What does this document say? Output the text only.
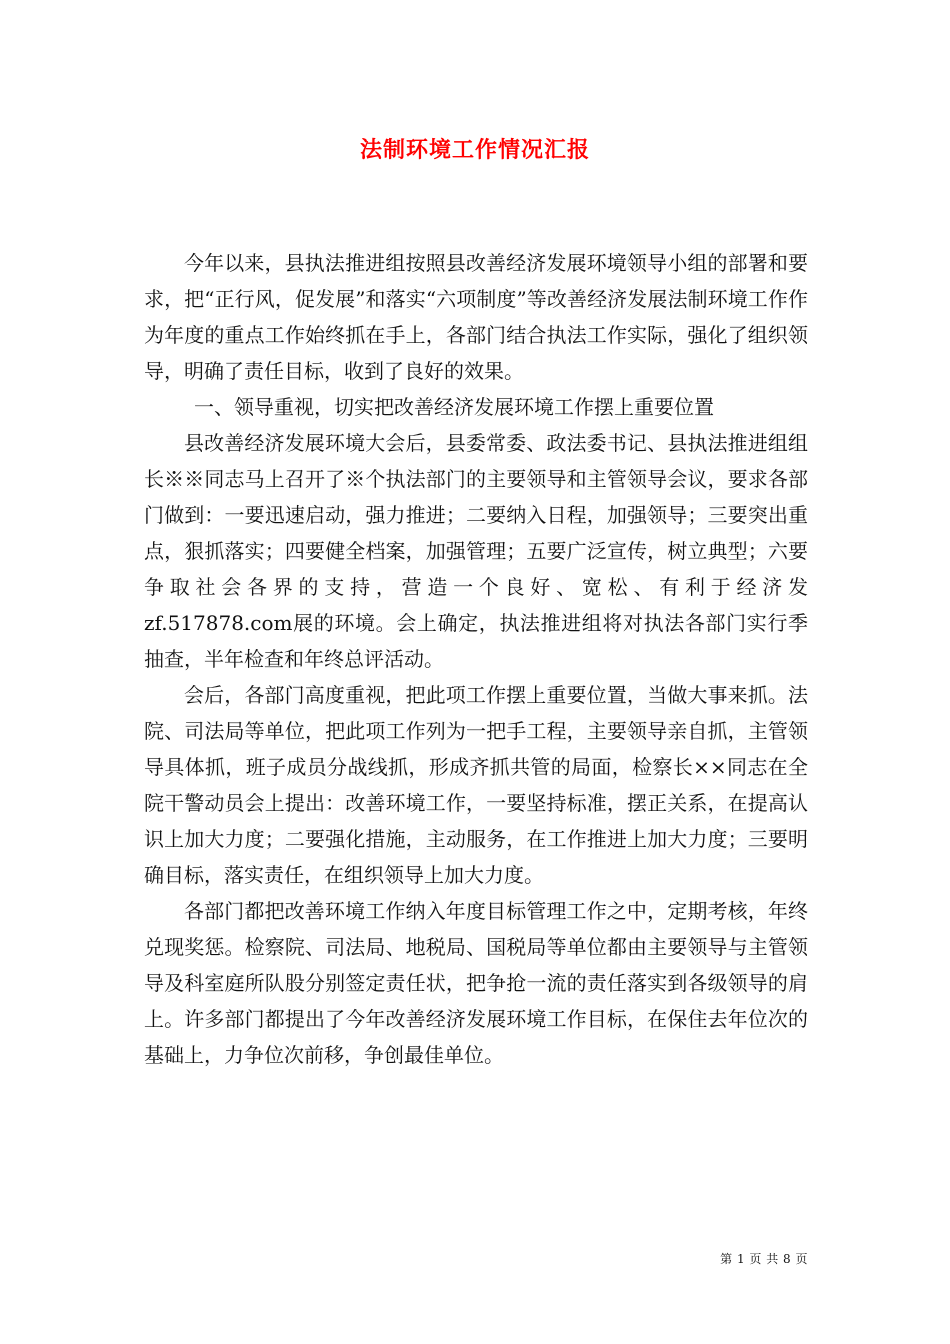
法制环境工作情况汇报

今年以来，县执法推进组按照县改善经济发展环境领导小组的部署和要求，把“正行风，促发展”和落实“六项制度”等改善经济发展法制环境工作作为年度的重点工作始终抓在手上，各部门结合执法工作实际，强化了组织领导，明确了责任目标，收到了良好的效果。

一、领导重视，切实把改善经济发展环境工作摆上重要位置

县改善经济发展环境大会后，县委常委、政法委书记、县执法推进组组长※※同志马上召开了※个执法部门的主要领导和主管领导会议，要求各部门做到：一要迅速启动，强力推进；二要纳入日程，加强领导；三要突出重点，狠抓落实；四要健全档案，加强管理；五要广泛宣传，树立典型；六要争取社会各界的支持，营造一个良好、宽松、有利于经济发zf.517878.com展的环境。会上确定，执法推进组将对执法各部门实行季抽查，半年检查和年终总评活动。

会后，各部门高度重视，把此项工作摆上重要位置，当做大事来抓。法院、司法局等单位，把此项工作列为一把手工程，主要领导亲自抓，主管领导具体抓，班子成员分战线抓，形成齐抓共管的局面，检察长××同志在全院干警动员会上提出：改善环境工作，一要坚持标准，摆正关系，在提高认识上加大力度；二要强化措施，主动服务，在工作推进上加大力度；三要明确目标，落实责任，在组织领导上加大力度。

各部门都把改善环境工作纳入年度目标管理工作之中，定期考核，年终兑现奖惩。检察院、司法局、地税局、国税局等单位都由主要领导与主管领导及科室庭所队股分别签定责任状，把争抢一流的责任落实到各级领导的肩上。许多部门都提出了今年改善经济发展环境工作目标，在保住去年位次的基础上，力争位次前移，争创最佳单位。

第 1 页 共 8 页
